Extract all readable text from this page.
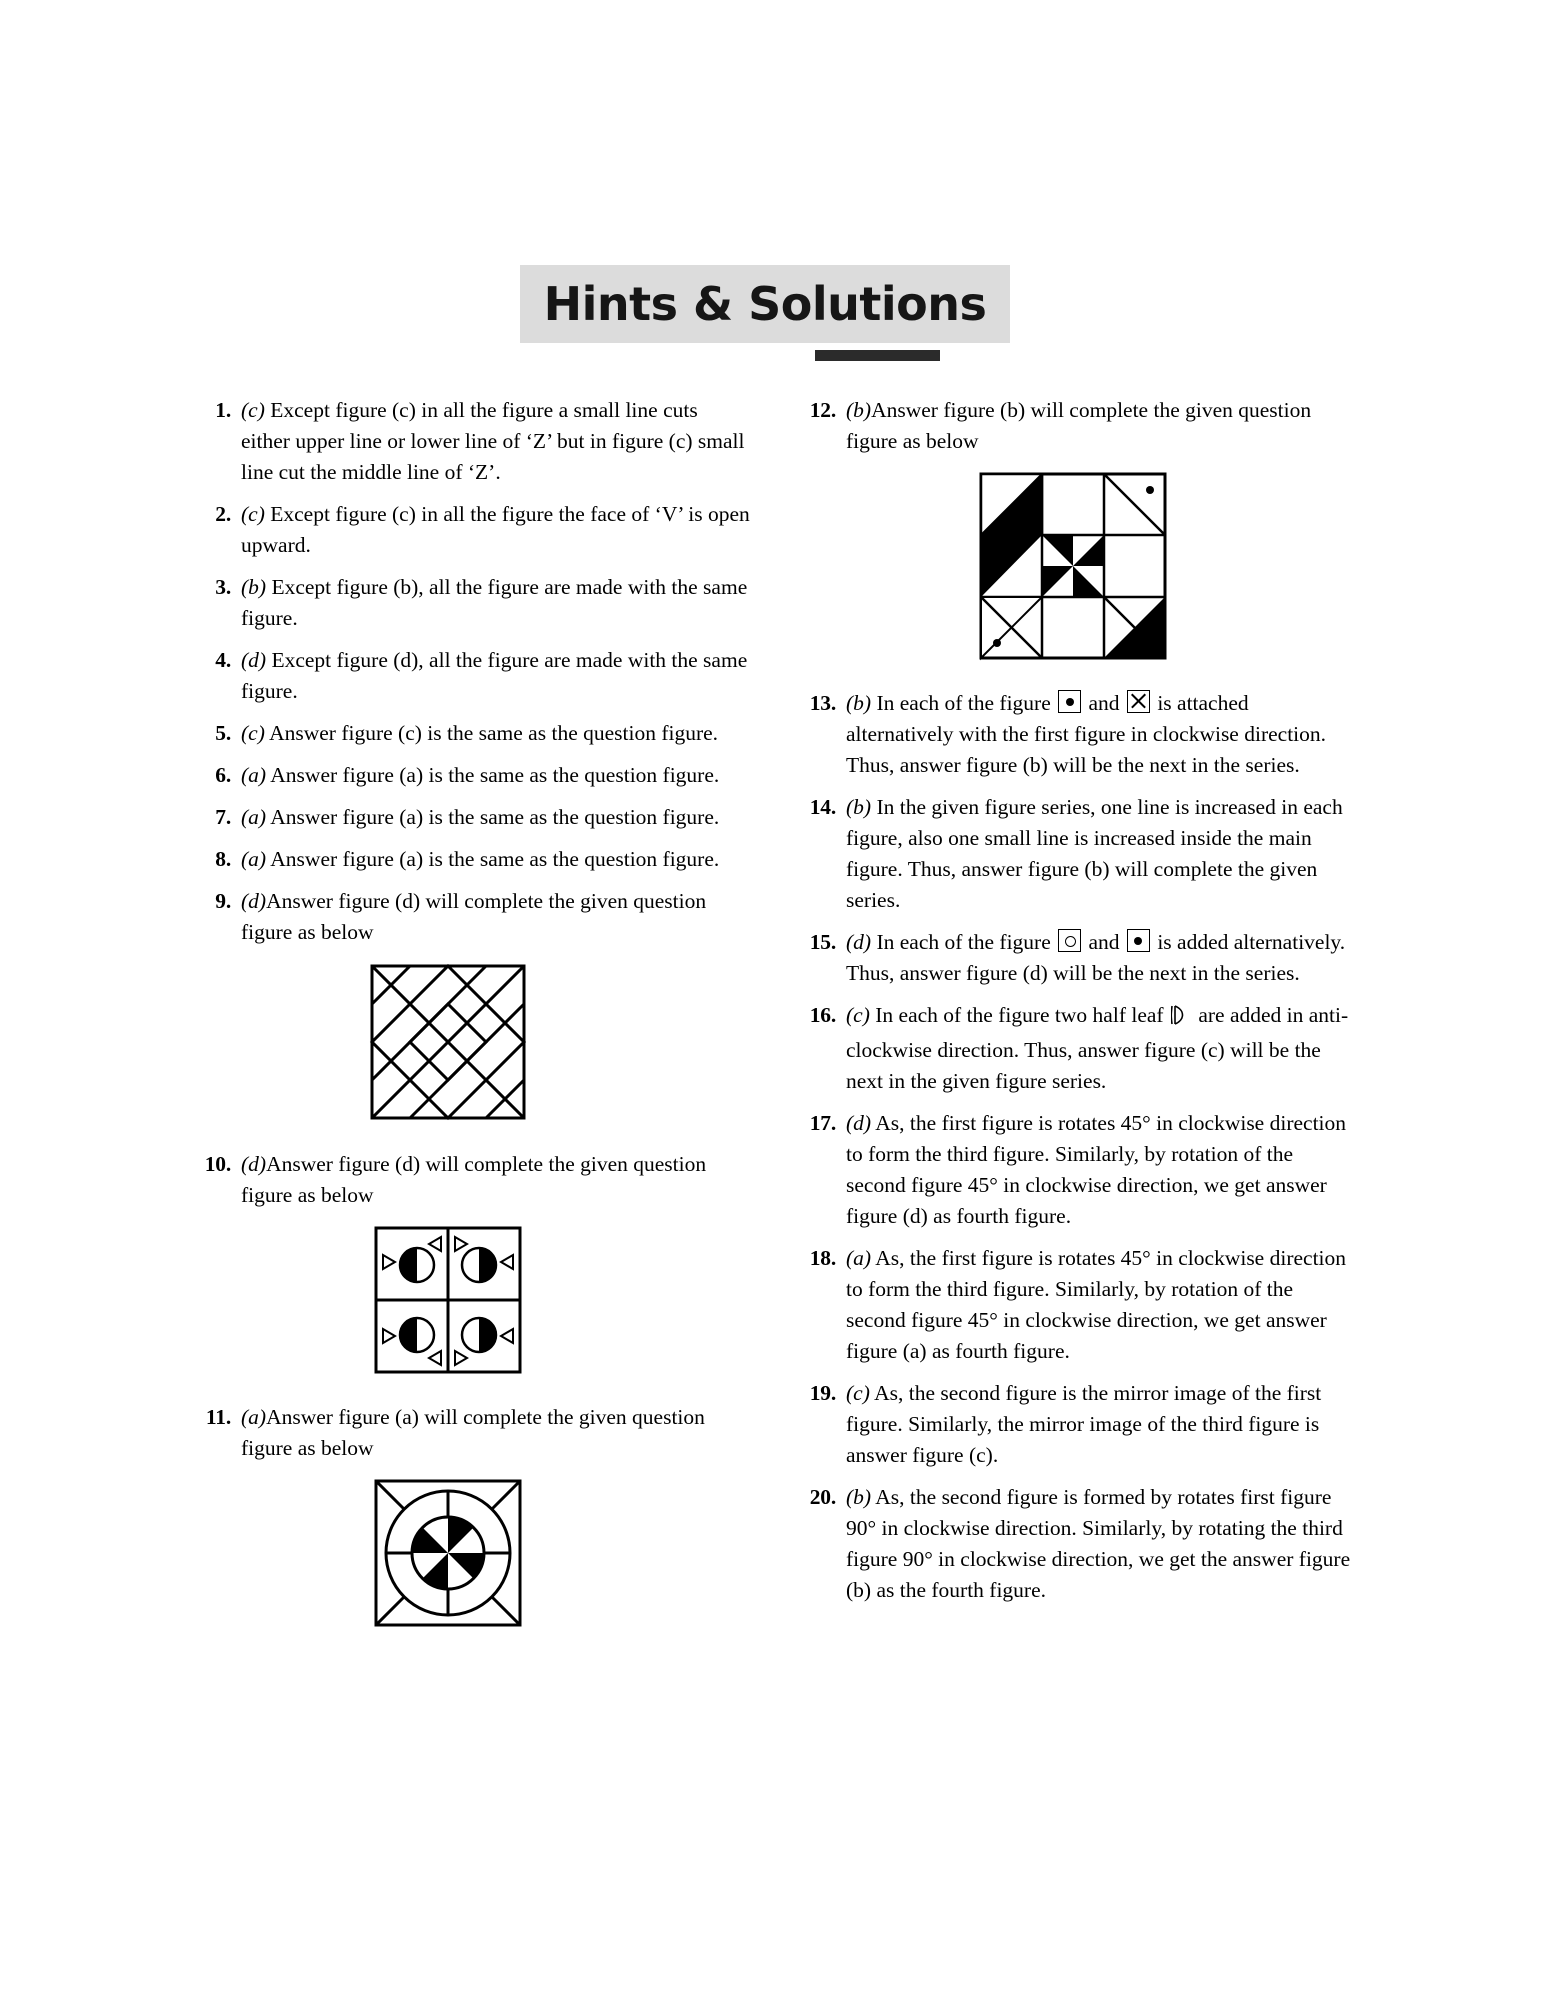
Hints & Solutions
1. (c) Except figure (c) in all the figure a small line cuts either upper line or lower line of ‘Z’ but in figure (c) small line cut the middle line of ‘Z’.
2. (c) Except figure (c) in all the figure the face of ‘V’ is open upward.
3. (b) Except figure (b), all the figure are made with the same figure.
4. (d) Except figure (d), all the figure are made with the same figure.
5. (c) Answer figure (c) is the same as the question figure.
6. (a) Answer figure (a) is the same as the question figure.
7. (a) Answer figure (a) is the same as the question figure.
8. (a) Answer figure (a) is the same as the question figure.
9. (d)Answer figure (d) will complete the given question figure as below
10. (d)Answer figure (d) will complete the given question figure as below
11. (a)Answer figure (a) will complete the given question figure as below
12. (b)Answer figure (b) will complete the given question figure as below
13. (b) In each of the figure  and ☒ is attached alternatively with the first figure in clockwise direction. Thus, answer figure (b) will be the next in the series.
14. (b) In the given figure series, one line is increased in each figure, also one small line is increased inside the main figure. Thus, answer figure (b) will complete the given series.
15. (d) In each of the figure  and  is added alternatively. Thus, answer figure (d) will be the next in the series.
16. (c) In each of the figure two half leaf  are added in anti-clockwise direction. Thus, answer figure (c) will be the next in the given figure series.
17. (d) As, the first figure is rotates 45° in clockwise direction to form the third figure. Similarly, by rotation of the second figure 45° in clockwise direction, we get answer figure (d) as fourth figure.
18. (a) As, the first figure is rotates 45° in clockwise direction to form the third figure. Similarly, by rotation of the second figure 45° in clockwise direction, we get answer figure (a) as fourth figure.
19. (c) As, the second figure is the mirror image of the first figure. Similarly, the mirror image of the third figure is answer figure (c).
20. (b) As, the second figure is formed by rotates first figure 90° in clockwise direction. Similarly, by rotating the third figure 90° in clockwise direction, we get the answer figure (b) as the fourth figure.
